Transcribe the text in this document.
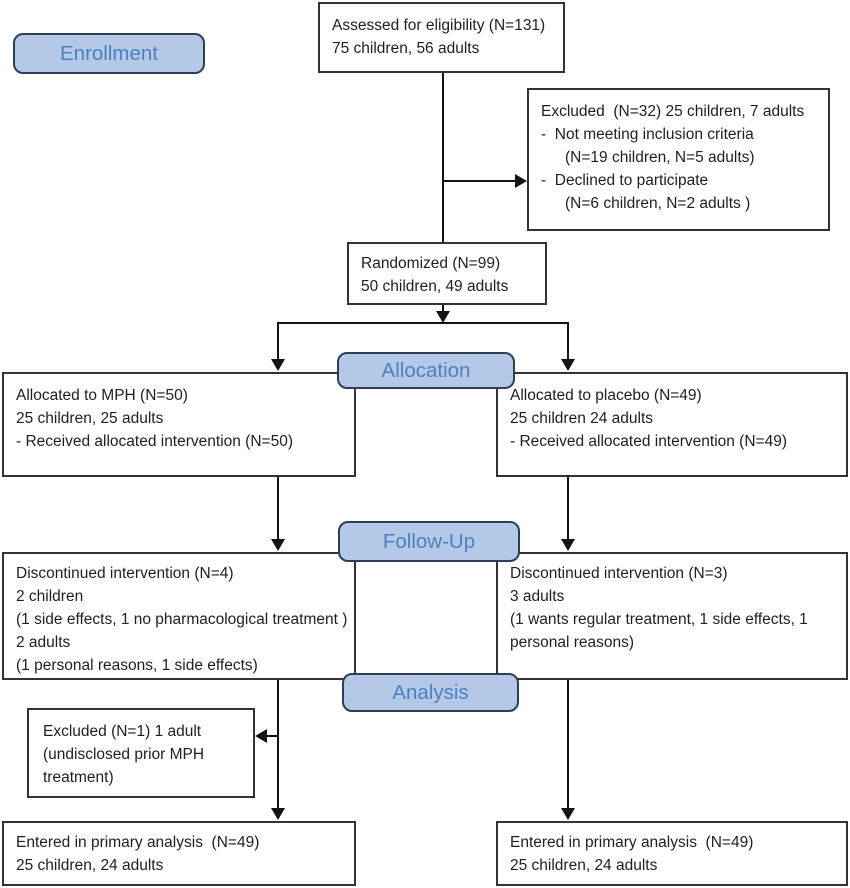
Enrollment
Allocation
Follow-Up
Analysis
Assessed for eligibility (N=131)
75 children, 56 adults
Excluded  (N=32) 25 children, 7 adults
-  Not meeting inclusion criteria
(N=19 children, N=5 adults)
-  Declined to participate
(N=6 children, N=2 adults )
Randomized (N=99)
50 children, 49 adults
Allocated to MPH (N=50)
25 children, 25 adults
- Received allocated intervention (N=50)
Allocated to placebo (N=49)
25 children 24 adults
- Received allocated intervention (N=49)
Discontinued intervention (N=4)
2 children
(1 side effects, 1 no pharmacological treatment )
2 adults
(1 personal reasons, 1 side effects)
Discontinued intervention (N=3)
3 adults
(1 wants regular treatment, 1 side effects, 1
personal reasons)
Excluded (N=1) 1 adult
(undisclosed prior MPH
treatment)
Entered in primary analysis  (N=49)
25 children, 24 adults
Entered in primary analysis  (N=49)
25 children, 24 adults
